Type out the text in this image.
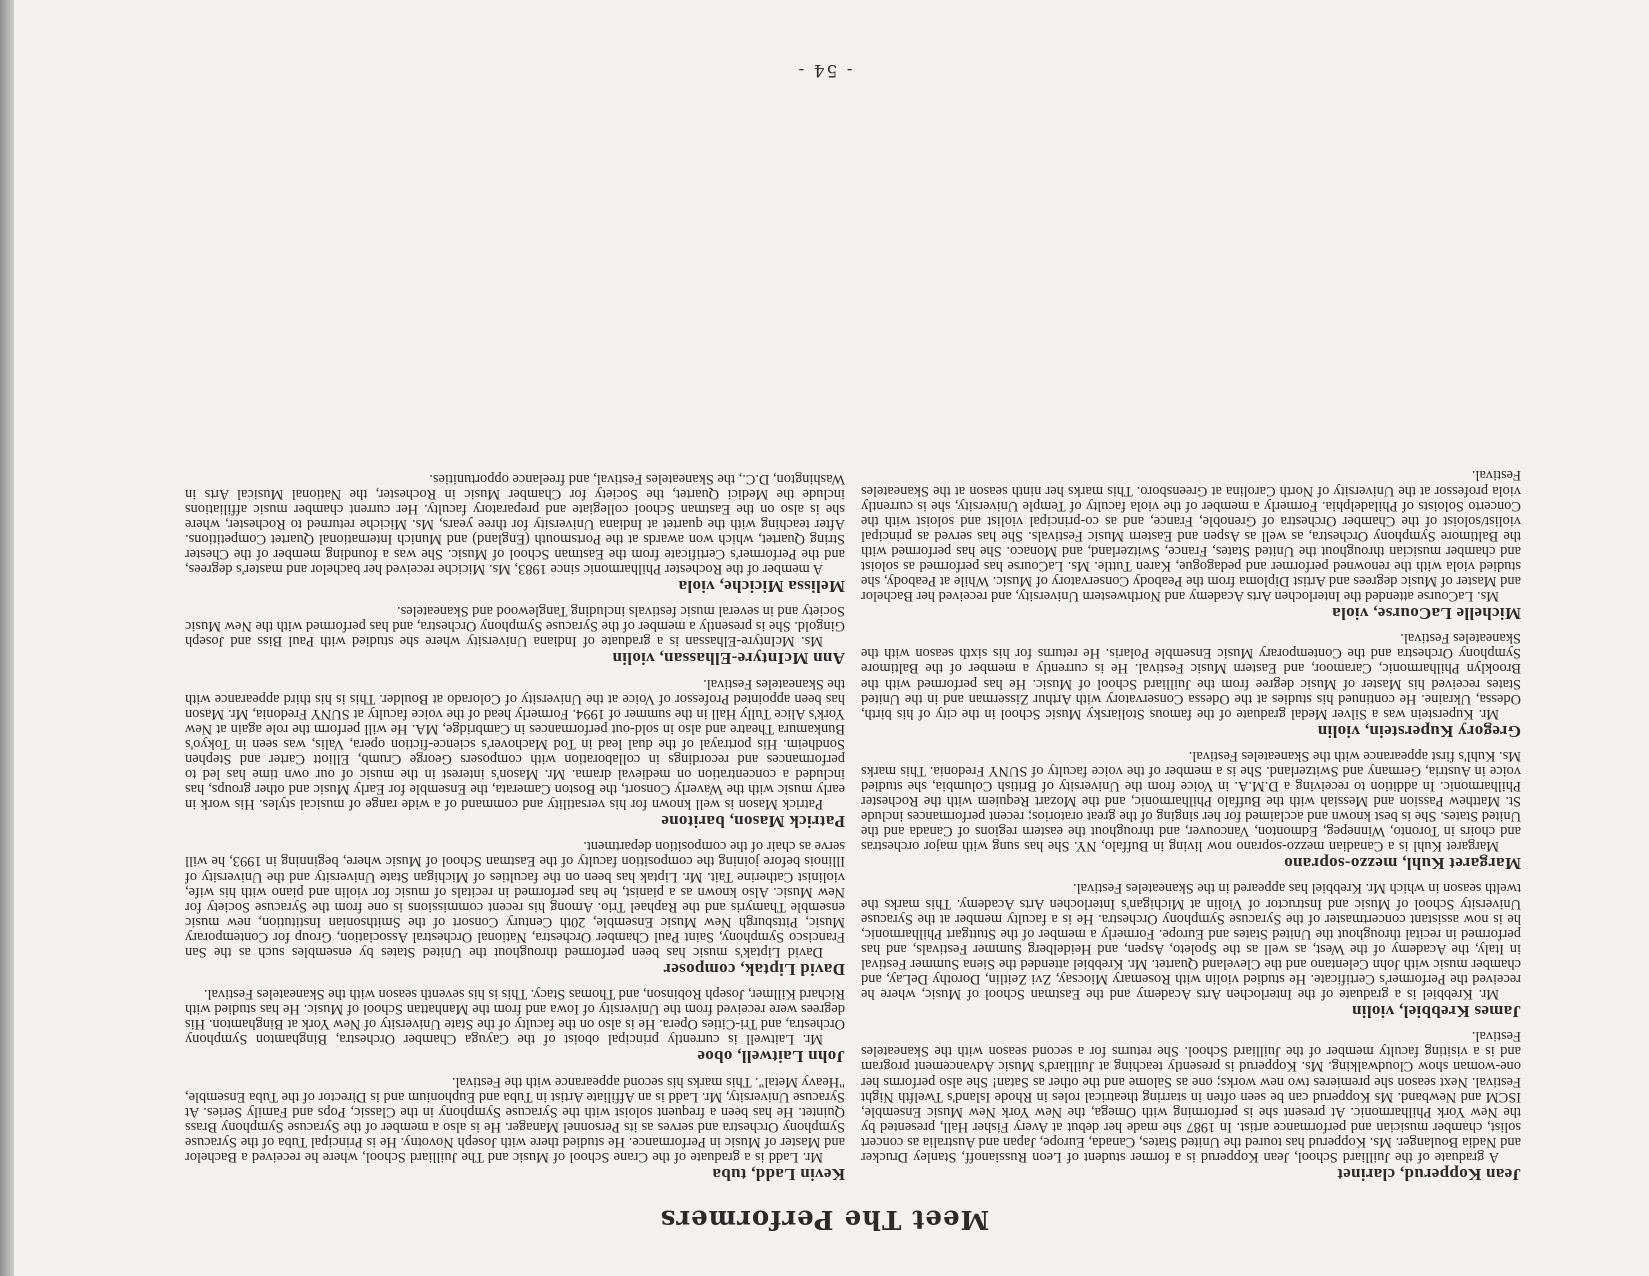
Meet The Performers
Jean Kopperud, clarinet

A graduate of the Juilliard School, Jean Kopperud is a former student of Leon Russianoff, Stanley Drucker and Nadia Boulanger. Ms. Kopperud has toured the United States, Canada, Europe, Japan and Australia as concert solist, chamber musician and performance artist. In 1987 she made her debut at Avery Fisher Hall, presented by the New York Philharmonic. At present she is performing with Omega, the New York New Music Ensemble, ISCM and Newband. Ms Kopperud can be seen often in starring theatrical roles in Rhode Island's Twelfth Night Festival. Next season she premieres two new works; one as Salome and the other as Satan! She also performs her one-woman show Cloudwalking. Ms. Kopperud is presently teaching at Juilliard's Music Advancement program and is a visiting faculty member of the Juilliard School. She returns for a second season with the Skaneateles Festival.

James Krebbiel, violin

Mr. Krebbiel is a graduate of the Interlochen Arts Academy and the Eastman School of Music, where he received the Performer's Certificate. He studied violin with Rosemary Miocsay, Zvi Zeitlin, Dorothy DeLay, and chamber music with John Celentano and the Cleveland Quartet. Mr. Krebbiel attended the Siena Summer Festival in Italy, the Academy of the West, as well as the Spoleto, Aspen, and Heidelberg Summer Festivals, and has performed in recital throughout the United States and Europe. Formerly a member of the Stuttgart Philharmonic, he is now assistant concertmaster of the Syracuse Symphony Orchestra. He is a faculty member at the Syracuse University School of Music and Instructor of Violin at Michigan's Interlochen Arts Academy. This marks the twelth season in which Mr. Krebbiel has appeared in the Skaneateles Festival.

Margaret Kuhl, mezzo-soprano

Margaret Kuhl is a Canadian mezzo-soprano now living in Buffalo, NY. She has sung with major orchestras and choirs in Toronto, Winnepeg, Edmonton, Vancouver, and throughout the eastern regions of Canada and the United States. She is best known and acclaimed for her singing of the great oratorios; recent performances include St. Matthew Passion and Messiah with the Buffalo Philharmonic, and the Mozart Requiem with the Rochester Philharmonic. In addition to receiving a D.M.A. in Voice from the University of British Columbia, she studied voice in Austria, Germany and Switzerland. She is a member of the voice faculty of SUNY Fredonia. This marks Ms. Kuhl's first appearance with the Skaneateles Festival.

Gregory Kuperstein, violin

Mr. Kuperstein was a Silver Medal graduate of the famous Stoliarsky Music School in the city of his birth, Odessa, Ukraine. He continued his studies at the Odessa Conservatory with Arthur Zisserman and in the United States received his Master of Music degree from the Juilliard School of Music. He has performed with the Brooklyn Philharmonic, Caramoor, and Eastern Music Festival. He is currently a member of the Baltimore Symphony Orchestra and the Contemporary Music Ensemble Polaris. He returns for his sixth season with the Skaneateles Festival.

Michelle LaCourse, viola

Ms. LaCourse attended the Interlochen Arts Academy and Northwestern University, and received her Bachelor and Master of Music degrees and Artist Diploma from the Peabody Conservatory of Music. While at Peabody, she studied viola with the renowned performer and pedagogue, Karen Tuttle. Ms. LaCourse has performed as soloist and chamber musician throughout the United States, France, Switzerland, and Monaco. She has performed with the Baltimore Symphony Orchestra, as well as Aspen and Eastern Music Festivals. She has served as principal violist/soloist of the Chamber Orchestra of Grenoble, France, and as co-principal violist and soloist with the Concerto Soloists of Philadelphia. Formerly a member of the viola faculty of Temple University, she is currently viola professor at the University of North Carolina at Greensboro. This marks her ninth season at the Skaneateles Festival.

Kevin Ladd, tuba

Mr. Ladd is a graduate of the Crane School of Music and The Juilliard School, where he received a Bachelor and Master of Music in Performance. He studied there with Joseph Novotny. He is Principal Tuba of the Syracuse Symphony Orchestra and serves as its Personnel Manager. He is also a member of the Syracuse Symphony Brass Quintet. He has been a frequent soloist with the Syracuse Symphony in the Classic, Pops and Family Series. At Syracuse University, Mr. Ladd is an Affiliate Artist in Tuba and Euphonium and is Director of the Tuba Ensemble, "Heavy Metal". This marks his second appearance with the Festival.

John Laitwell, oboe

Mr. Laitwell is currently principal oboist of the Cayuga Chamber Orchestra, Binghamton Symphony Orchestra, and Tri-Cities Opera. He is also on the faculty of the State University of New York at Binghamton. His degrees were received from the University of Iowa and from the Manhattan School of Music. He has studied with Richard Killmer, Joseph Robinson, and Thomas Stacy. This is his seventh season with the Skaneateles Festival.

David Liptak, composer

David Liptak's music has been performed throughout the United States by ensembles such as the San Francisco Symphony, Saint Paul Chamber Orchestra, National Orchestral Association, Group for Contemporary Music, Pittsburgh New Music Ensemble, 20th Century Consort of the Smithsonian Institution, new music ensemble Thamyris and the Raphael Trio. Among his recent commissions is one from the Syracuse Society for New Music. Also known as a pianist, he has performed in recitals of music for violin and piano with his wife, violinist Catherine Tait. Mr. Liptak has been on the faculties of Michigan State University and the University of Illinois before joining the composition faculty of the Eastman School of Music where, beginning in 1993, he will serve as chair of the composition department.

Patrick Mason, baritone

Patrick Mason is well known for his versatility and command of a wide range of musical styles. His work in early music with the Waverly Consort, the Boston Camerata, the Ensemble for Early Music and other groups, has included a concentration on medieval drama. Mr. Mason's interest in the music of our own time has led to performances and recordings in collaboration with composers George Crumb, Elliott Carter and Stephen Sondheim. His portrayal of the dual lead in Tod Machover's science-fiction opera, Valis, was seen in Tokyo's Bunkamura Theatre and also in sold-out performances in Cambridge, MA. He will perform the role again at New York's Alice Tully Hall in the summer of 1994. Formerly head of the voice faculty at SUNY Fredonia, Mr. Mason has been appointed Professor of Voice at the University of Colorado at Boulder. This is his third appearance with the Skaneateles Festival.

Ann McIntyre-Elhassan, violin

Ms. McIntyre-Elhassan is a graduate of Indiana University where she studied with Paul Biss and Joseph Gingold. She is presently a member of the Syracuse Symphony Orchestra, and has performed with the New Music Society and in several music festivals including Tanglewood and Skaneateles.

Melissa Miciche, viola

A member of the Rochester Philharmonic since 1983, Ms. Miciche received her bachelor and master's degrees, and the Performer's Certificate from the Eastman School of Music. She was a founding member of the Chester String Quartet, which won awards at the Portsmouth (England) and Munich International Quartet Competitions. After teaching with the quartet at Indiana University for three years, Ms. Miciche returned to Rochester, where she is also on the Eastman School collegiate and preparatory faculty. Her current chamber music affiliations include the Medici Quartet, the Society for Chamber Music in Rochester, the National Musical Arts in Washington, D.C., the Skaneateles Festival, and freelance opportunities.

- 54 -
